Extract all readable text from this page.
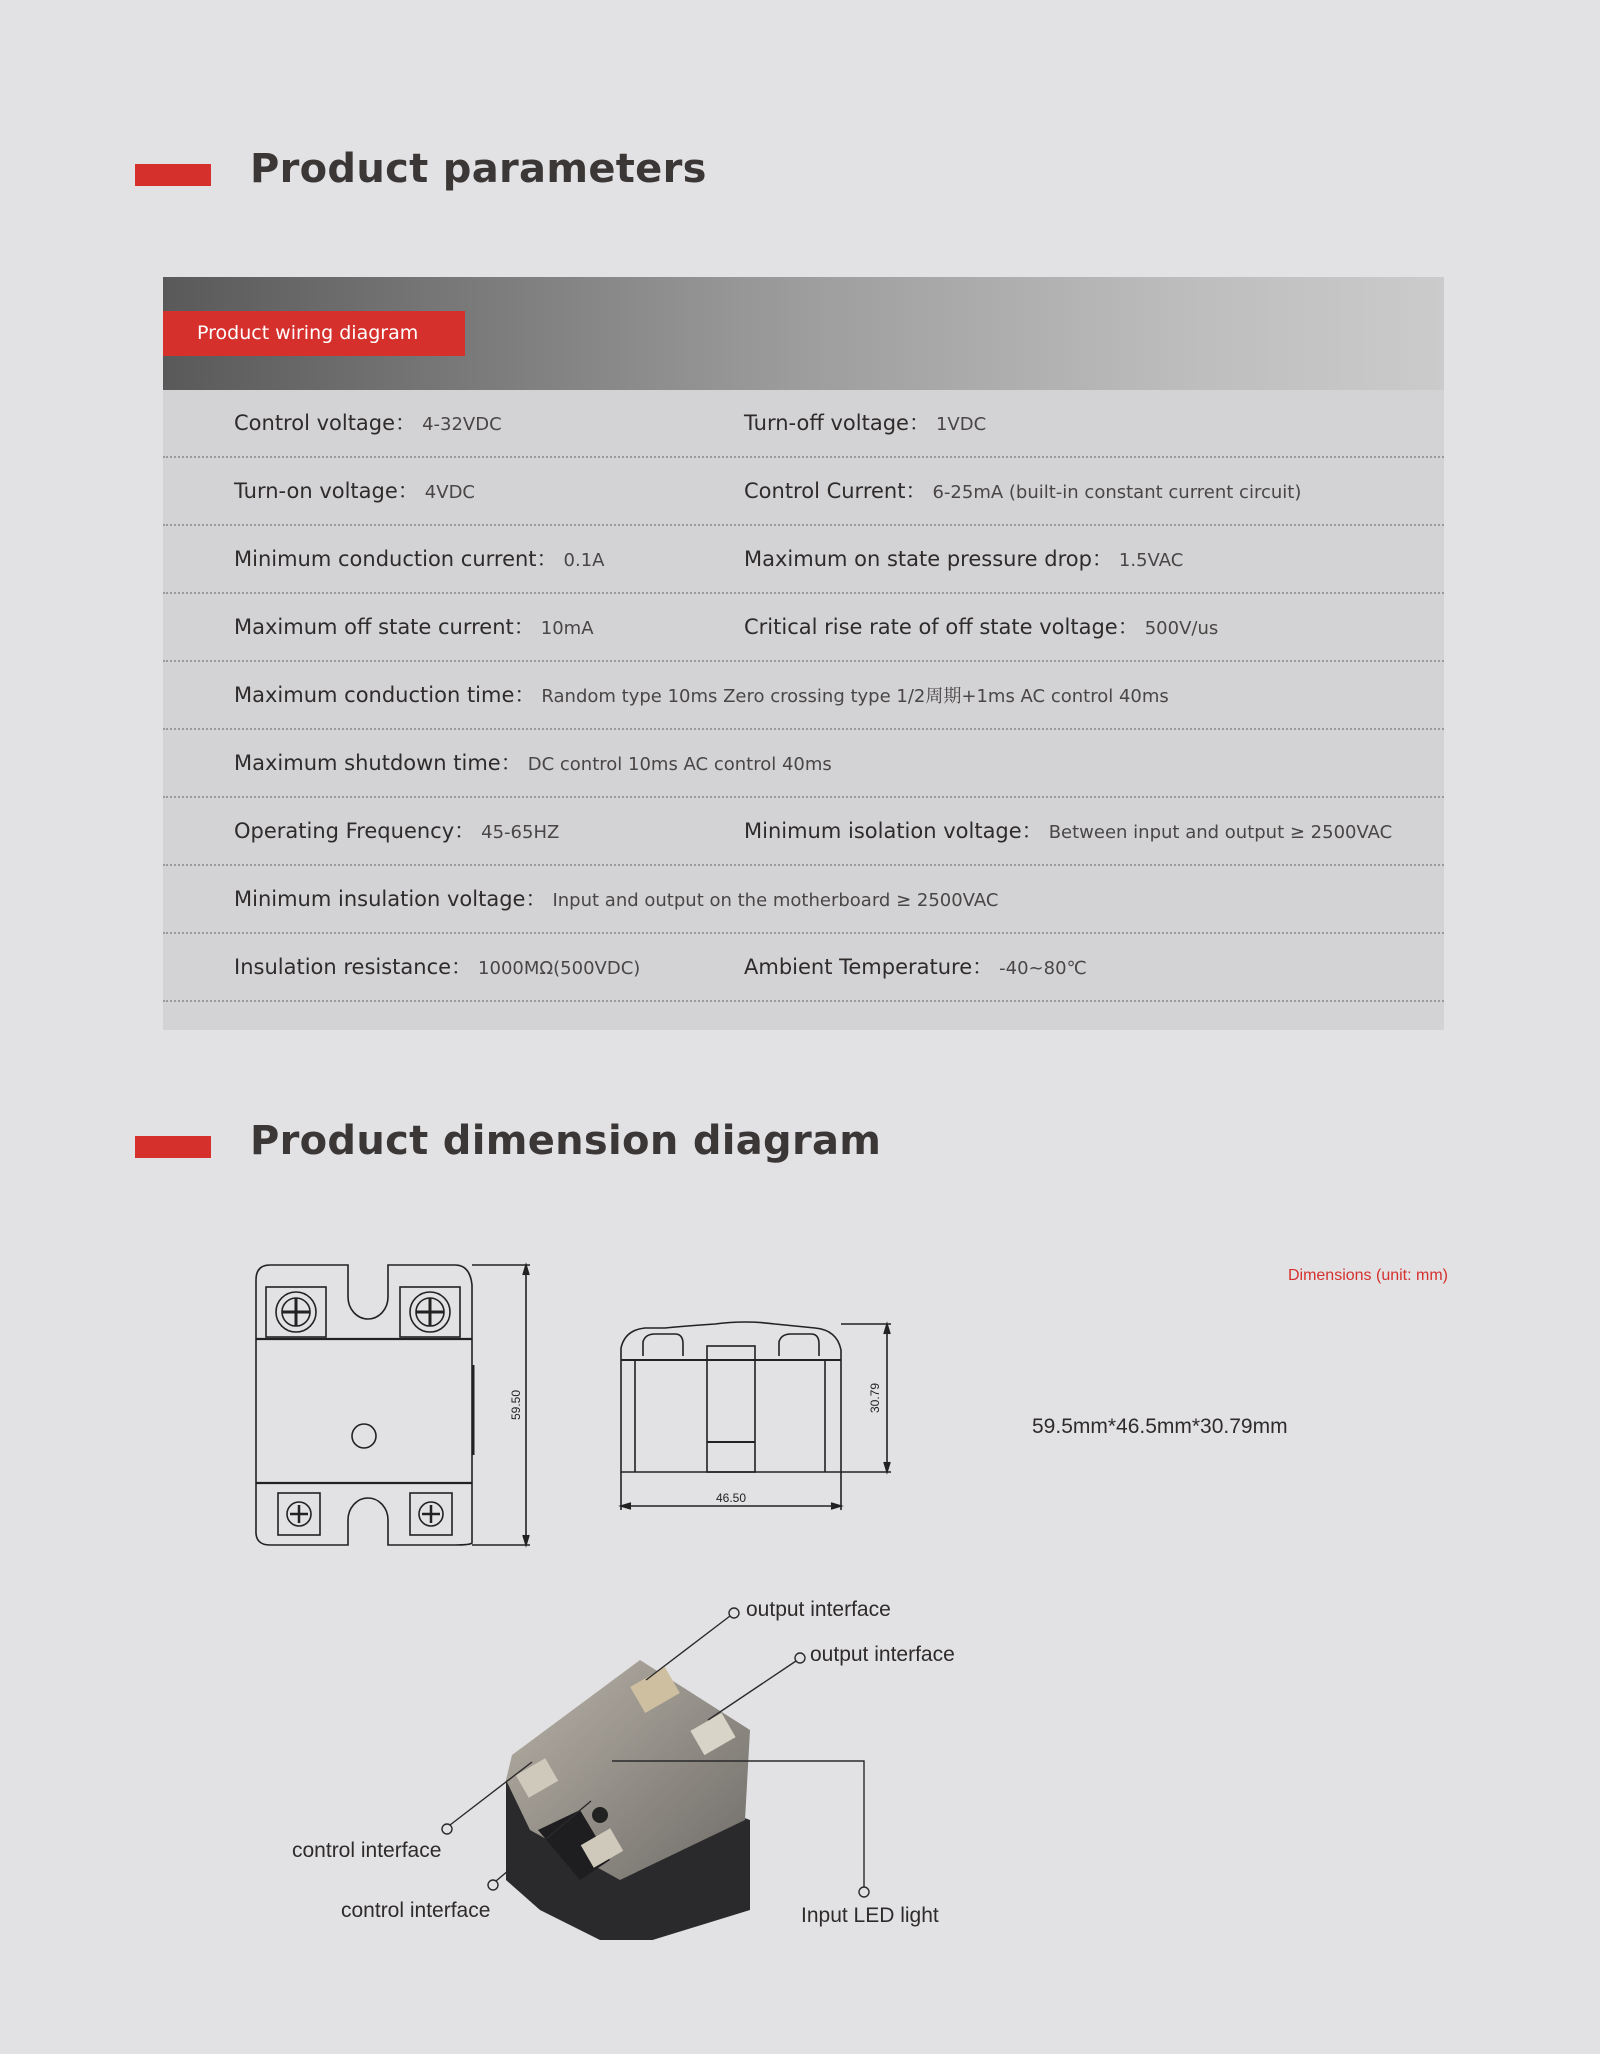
Product parameters
Product wiring diagram
Control voltage： 4-32VDC	Turn-off voltage： 1VDC
Turn-on voltage： 4VDC	Control Current： 6-25mA (built-in constant current circuit)
Minimum conduction current： 0.1A	Maximum on state pressure drop： 1.5VAC
Maximum off state current： 10mA	Critical rise rate of off state voltage： 500V/us
Maximum conduction time： Random type 10ms Zero crossing type 1/2周期+1ms AC control 40ms
Maximum shutdown time： DC control 10ms AC control 40ms
Operating Frequency： 45-65HZ	Minimum isolation voltage： Between input and output ≥ 2500VAC
Minimum insulation voltage： Input and output on the motherboard ≥ 2500VAC
Insulation resistance： 1000MΩ(500VDC)	Ambient Temperature： -40~80℃
Product dimension diagram
Dimensions (unit: mm)
59.5mm*46.5mm*30.79mm
59.50	30.79
46.50
output interface
output interface
control interface
control interface	Input LED light
